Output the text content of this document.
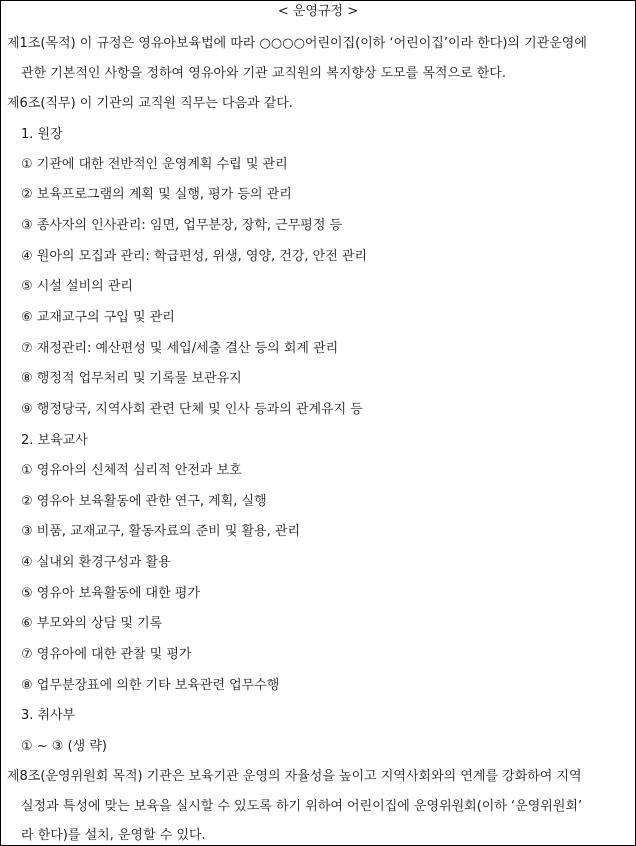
< 운영규정 >
제1조(목적) 이 규정은 영유아보육법에 따라 ○○○○어린이집(이하 ‘어린이집’이라 한다)의 기관운영에
관한 기본적인 사항을 정하여 영유아와 기관 교직원의 복지향상 도모를 목적으로 한다.
제6조(직무) 이 기관의 교직원 직무는 다음과 같다.
1. 원장
① 기관에 대한 전반적인 운영계획 수립 및 관리
② 보육프로그램의 계획 및 실행, 평가 등의 관리
③ 종사자의 인사관리: 임면, 업무분장, 장학, 근무평정 등
④ 원아의 모집과 관리: 학급편성, 위생, 영양, 건강, 안전 관리
⑤ 시설 설비의 관리
⑥ 교재교구의 구입 및 관리
⑦ 재정관리: 예산편성 및 세입/세출 결산 등의 회계 관리
⑧ 행정적 업무처리 및 기록물 보관유지
⑨ 행정당국, 지역사회 관련 단체 및 인사 등과의 관계유지 등
2. 보육교사
① 영유아의 신체적 심리적 안전과 보호
② 영유아 보육활동에 관한 연구, 계획, 실행
③ 비품, 교재교구, 활동자료의 준비 및 활용, 관리
④ 실내외 환경구성과 활용
⑤ 영유아 보육활동에 대한 평가
⑥ 부모와의 상담 및 기록
⑦ 영유아에 대한 관찰 및 평가
⑧ 업무분장표에 의한 기타 보육관련 업무수행
3. 취사부
① ~ ③ (생 략)
제8조(운영위원회 목적) 기관은 보육기관 운영의 자율성을 높이고 지역사회와의 연계를 강화하여 지역
실정과 특성에 맞는 보육을 실시할 수 있도록 하기 위하여 어린이집에 운영위원회(이하 ‘운영위원회’
라 한다)를 설치, 운영할 수 있다.
